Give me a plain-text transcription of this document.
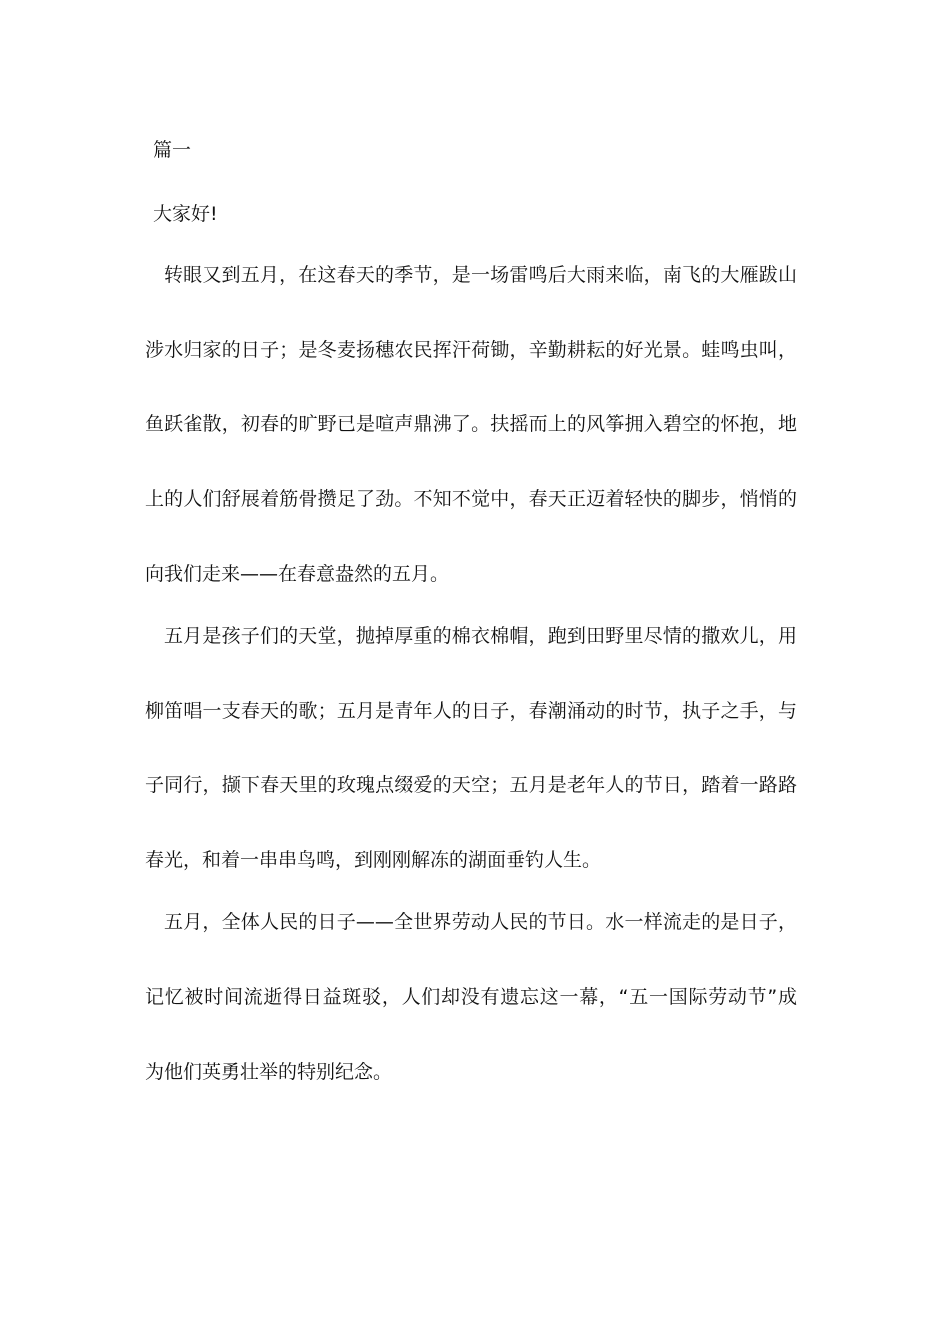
篇一
大家好!
转眼又到五月，在这春天的季节，是一场雷鸣后大雨来临，南飞的大雁跋山
涉水归家的日子；是冬麦扬穗农民挥汗荷锄，辛勤耕耘的好光景。蛙鸣虫叫，
鱼跃雀散，初春的旷野已是喧声鼎沸了。扶摇而上的风筝拥入碧空的怀抱，地
上的人们舒展着筋骨攒足了劲。不知不觉中，春天正迈着轻快的脚步，悄悄的
向我们走来——在春意盎然的五月。
五月是孩子们的天堂，抛掉厚重的棉衣棉帽，跑到田野里尽情的撒欢儿，用
柳笛唱一支春天的歌；五月是青年人的日子，春潮涌动的时节，执子之手，与
子同行，撷下春天里的玫瑰点缀爱的天空；五月是老年人的节日，踏着一路路
春光，和着一串串鸟鸣，到刚刚解冻的湖面垂钓人生。
五月，全体人民的日子——全世界劳动人民的节日。水一样流走的是日子，
记忆被时间流逝得日益斑驳，人们却没有遗忘这一幕，“五一国际劳动节”成
为他们英勇壮举的特别纪念。
